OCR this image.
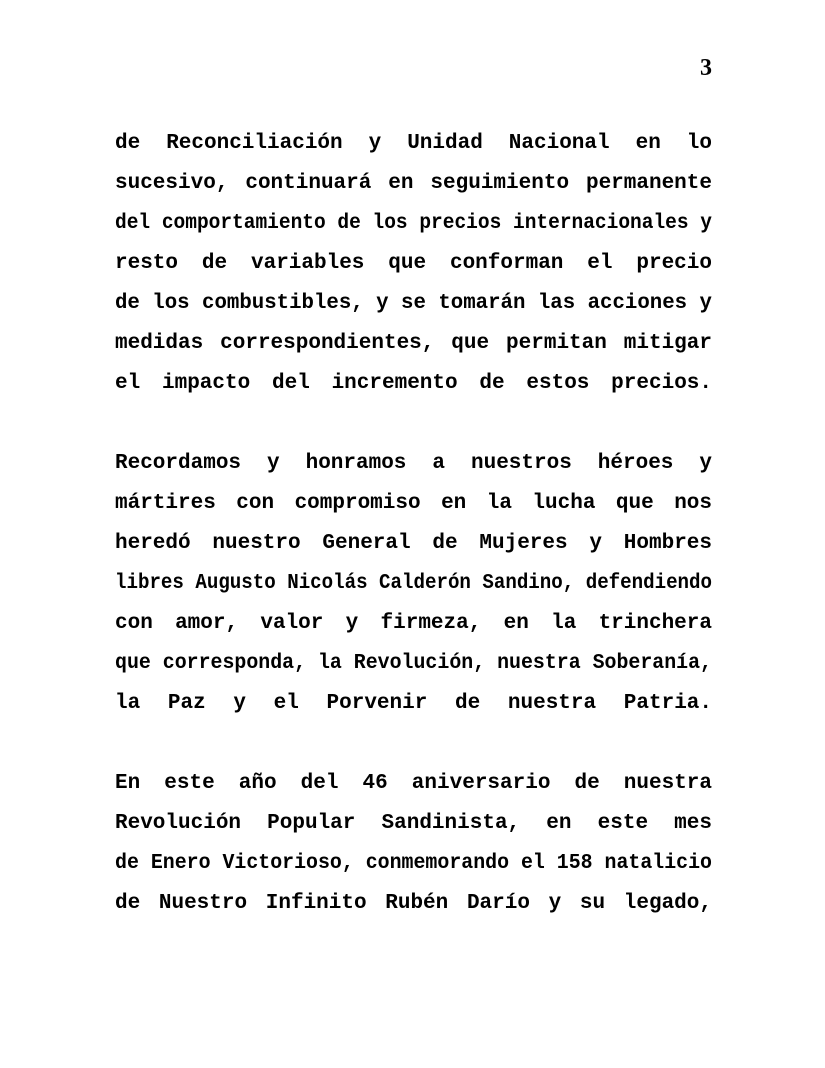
3
de Reconciliación y Unidad Nacional en lo
sucesivo, continuará en seguimiento permanente
del comportamiento de los precios internacionales y
resto de variables que conforman el precio
de los combustibles, y se tomarán las acciones y
medidas correspondientes, que permitan mitigar
el impacto del incremento de estos precios.
Recordamos y honramos a nuestros héroes y
mártires con compromiso en la lucha que nos
heredó nuestro General de Mujeres y Hombres
libres Augusto Nicolás Calderón Sandino, defendiendo
con amor, valor y firmeza, en la trinchera
que corresponda, la Revolución, nuestra Soberanía,
la Paz y el Porvenir de nuestra Patria.
En este año del 46 aniversario de nuestra
Revolución Popular Sandinista, en este mes
de Enero Victorioso, conmemorando el 158 natalicio
de Nuestro Infinito Rubén Darío y su legado,
